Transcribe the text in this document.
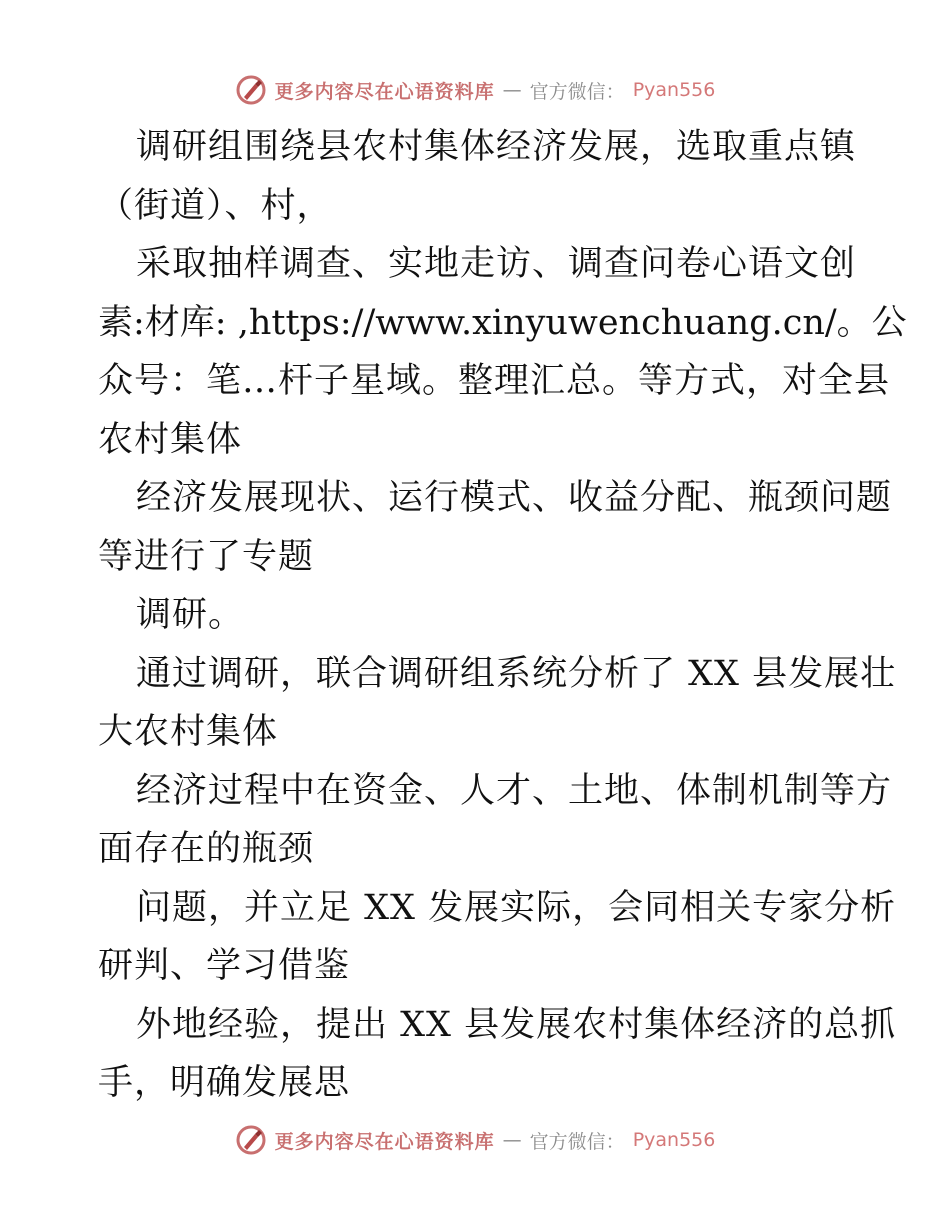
更多内容尽在心语资料库 — 官方微信： Pyan556
调研组围绕县农村集体经济发展，选取重点镇
（街道）、村，
采取抽样调查、实地走访、调查问卷心语文创
素:材库: ,https://www.xinyuwenchuang.cn/。公
众号：笔…杆子星域。整理汇总。等方式，对全县
农村集体
经济发展现状、运行模式、收益分配、瓶颈问题
等进行了专题
调研。
通过调研，联合调研组系统分析了 XX 县发展壮
大农村集体
经济过程中在资金、人才、土地、体制机制等方
面存在的瓶颈
问题，并立足 XX 发展实际，会同相关专家分析
研判、学习借鉴
外地经验，提出 XX 县发展农村集体经济的总抓
手，明确发展思
更多内容尽在心语资料库 — 官方微信： Pyan556
